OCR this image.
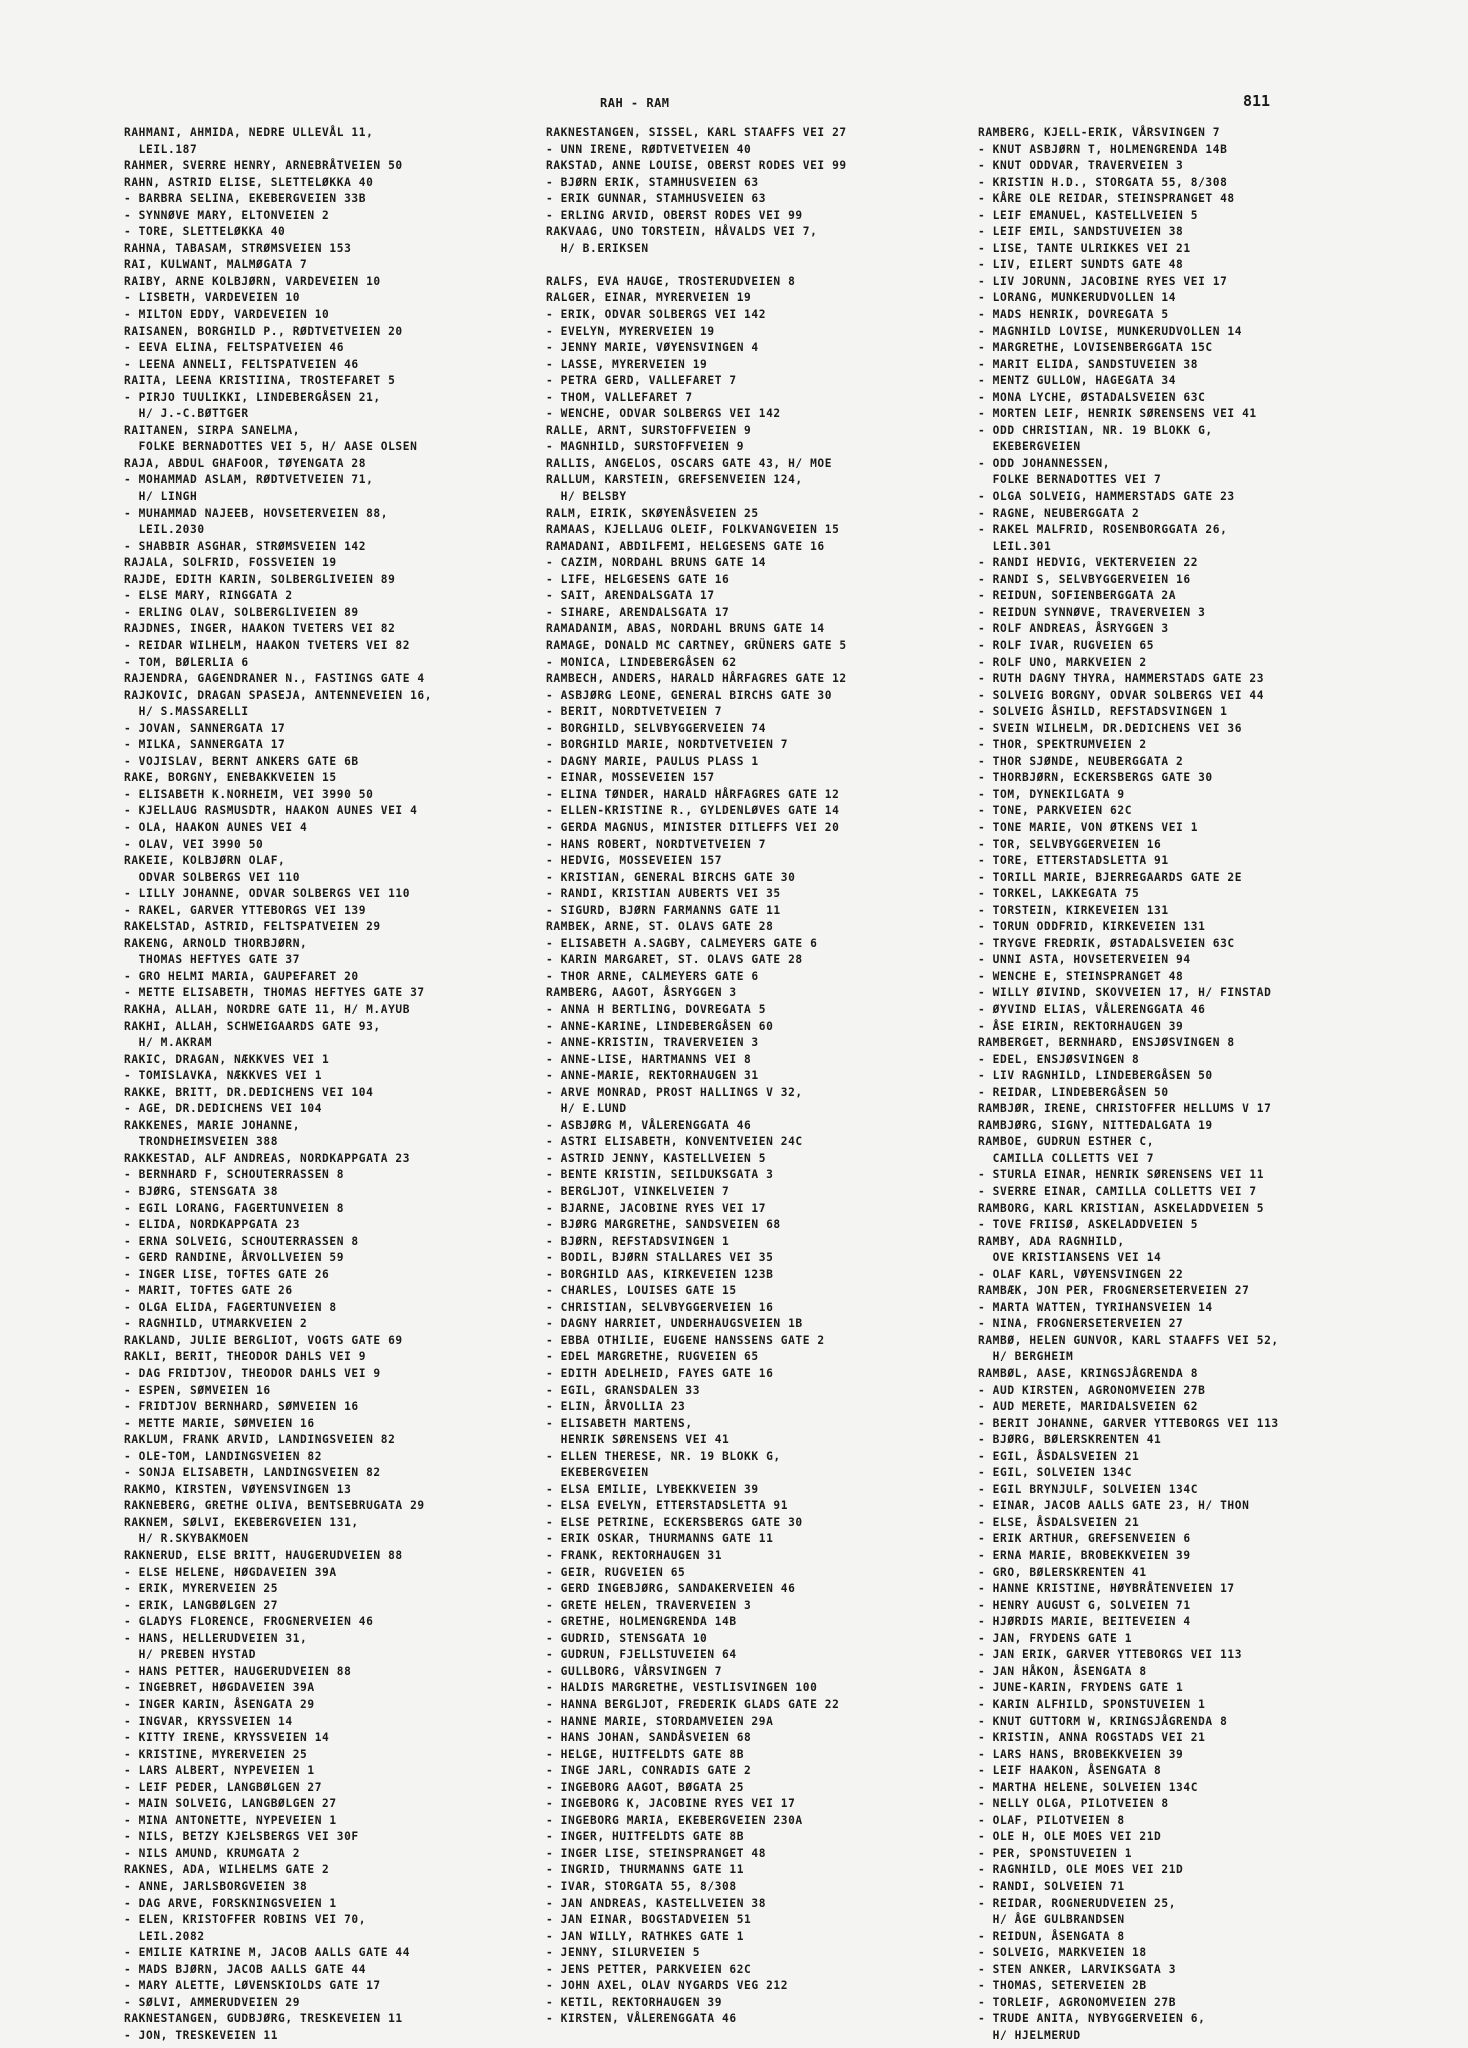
RAH - RAM	811
RAHMANI, AHMIDA, NEDRE ULLEVÅL 11,
LEIL.187
RAHMER, SVERRE HENRY, ARNEBRÅTVEIEN 50
RAHN, ASTRID ELISE, SLETTELØKKA 40
- BARBRA SELINA, EKEBERGVEIEN 33B
- SYNNØVE MARY, ELTONVEIEN 2
- TORE, SLETTELØKKA 40
RAHNA, TABASAM, STRØMSVEIEN 153
RAI, KULWANT, MALMØGATA 7
RAIBY, ARNE KOLBJØRN, VARDEVEIEN 10
- LISBETH, VARDEVEIEN 10
- MILTON EDDY, VARDEVEIEN 10
RAISANEN, BORGHILD P., RØDTVETVEIEN 20
- EEVA ELINA, FELTSPATVEIEN 46
- LEENA ANNELI, FELTSPATVEIEN 46
RAITA, LEENA KRISTIINA, TROSTEFARET 5
- PIRJO TUULIKKI, LINDEBERGÅSEN 21,
H/ J.-C.BØTTGER
RAITANEN, SIRPA SANELMA,
FOLKE BERNADOTTES VEI 5, H/ AASE OLSEN
RAJA, ABDUL GHAFOOR, TØYENGATA 28
- MOHAMMAD ASLAM, RØDTVETVEIEN 71,
H/ LINGH
- MUHAMMAD NAJEEB, HOVSETERVEIEN 88,
LEIL.2030
- SHABBIR ASGHAR, STRØMSVEIEN 142
RAJALA, SOLFRID, FOSSVEIEN 19
RAJDE, EDITH KARIN, SOLBERGLIVEIEN 89
- ELSE MARY, RINGGATA 2
- ERLING OLAV, SOLBERGLIVEIEN 89
RAJDNES, INGER, HAAKON TVETERS VEI 82
- REIDAR WILHELM, HAAKON TVETERS VEI 82
- TOM, BØLERLIA 6
RAJENDRA, GAGENDRANER N., FASTINGS GATE 4
RAJKOVIC, DRAGAN SPASEJA, ANTENNEVEIEN 16,
H/ S.MASSARELLI
- JOVAN, SANNERGATA 17
- MILKA, SANNERGATA 17
- VOJISLAV, BERNT ANKERS GATE 6B
RAKE, BORGNY, ENEBAKKVEIEN 15
- ELISABETH K.NORHEIM, VEI 3990 50
- KJELLAUG RASMUSDTR, HAAKON AUNES VEI 4
- OLA, HAAKON AUNES VEI 4
- OLAV, VEI 3990 50
RAKEIE, KOLBJØRN OLAF,
ODVAR SOLBERGS VEI 110
- LILLY JOHANNE, ODVAR SOLBERGS VEI 110
- RAKEL, GARVER YTTEBORGS VEI 139
RAKELSTAD, ASTRID, FELTSPATVEIEN 29
RAKENG, ARNOLD THORBJØRN,
THOMAS HEFTYES GATE 37
- GRO HELMI MARIA, GAUPEFARET 20
- METTE ELISABETH, THOMAS HEFTYES GATE 37
RAKHA, ALLAH, NORDRE GATE 11, H/ M.AYUB
RAKHI, ALLAH, SCHWEIGAARDS GATE 93,
H/ M.AKRAM
RAKIC, DRAGAN, NÆKKVES VEI 1
- TOMISLAVKA, NÆKKVES VEI 1
RAKKE, BRITT, DR.DEDICHENS VEI 104
- AGE, DR.DEDICHENS VEI 104
RAKKENES, MARIE JOHANNE,
TRONDHEIMSVEIEN 388
RAKKESTAD, ALF ANDREAS, NORDKAPPGATA 23
- BERNHARD F, SCHOUTERRASSEN 8
- BJØRG, STENSGATA 38
- EGIL LORANG, FAGERTUNVEIEN 8
- ELIDA, NORDKAPPGATA 23
- ERNA SOLVEIG, SCHOUTERRASSEN 8
- GERD RANDINE, ÅRVOLLVEIEN 59
- INGER LISE, TOFTES GATE 26
- MARIT, TOFTES GATE 26
- OLGA ELIDA, FAGERTUNVEIEN 8
- RAGNHILD, UTMARKVEIEN 2
RAKLAND, JULIE BERGLIOT, VOGTS GATE 69
RAKLI, BERIT, THEODOR DAHLS VEI 9
- DAG FRIDTJOV, THEODOR DAHLS VEI 9
- ESPEN, SØMVEIEN 16
- FRIDTJOV BERNHARD, SØMVEIEN 16
- METTE MARIE, SØMVEIEN 16
RAKLUM, FRANK ARVID, LANDINGSVEIEN 82
- OLE-TOM, LANDINGSVEIEN 82
- SONJA ELISABETH, LANDINGSVEIEN 82
RAKMO, KIRSTEN, VØYENSVINGEN 13
RAKNEBERG, GRETHE OLIVA, BENTSEBRUGATA 29
RAKNEM, SØLVI, EKEBERGVEIEN 131,
H/ R.SKYBAKMOEN
RAKNERUD, ELSE BRITT, HAUGERUDVEIEN 88
- ELSE HELENE, HØGDAVEIEN 39A
- ERIK, MYRERVEIEN 25
- ERIK, LANGBØLGEN 27
- GLADYS FLORENCE, FROGNERVEIEN 46
- HANS, HELLERUDVEIEN 31,
H/ PREBEN HYSTAD
- HANS PETTER, HAUGERUDVEIEN 88
- INGEBRET, HØGDAVEIEN 39A
- INGER KARIN, ÅSENGATA 29
- INGVAR, KRYSSVEIEN 14
- KITTY IRENE, KRYSSVEIEN 14
- KRISTINE, MYRERVEIEN 25
- LARS ALBERT, NYPEVEIEN 1
- LEIF PEDER, LANGBØLGEN 27
- MAIN SOLVEIG, LANGBØLGEN 27
- MINA ANTONETTE, NYPEVEIEN 1
- NILS, BETZY KJELSBERGS VEI 30F
- NILS AMUND, KRUMGATA 2
RAKNES, ADA, WILHELMS GATE 2
- ANNE, JARLSBORGVEIEN 38
- DAG ARVE, FORSKNINGSVEIEN 1
- ELEN, KRISTOFFER ROBINS VEI 70,
LEIL.2082
- EMILIE KATRINE M, JACOB AALLS GATE 44
- MADS BJØRN, JACOB AALLS GATE 44
- MARY ALETTE, LØVENSKIOLDS GATE 17
- SØLVI, AMMERUDVEIEN 29
RAKNESTANGEN, GUDBJØRG, TRESKEVEIEN 11
- JON, TRESKEVEIEN 11
RAKNESTANGEN, SISSEL, KARL STAAFFS VEI 27
- UNN IRENE, RØDTVETVEIEN 40
RAKSTAD, ANNE LOUISE, OBERST RODES VEI 99
- BJØRN ERIK, STAMHUSVEIEN 63
- ERIK GUNNAR, STAMHUSVEIEN 63
- ERLING ARVID, OBERST RODES VEI 99
RAKVAAG, UNO TORSTEIN, HÅVALDS VEI 7,
H/ B.ERIKSEN
RALFS, EVA HAUGE, TROSTERUDVEIEN 8
RALGER, EINAR, MYRERVEIEN 19
- ERIK, ODVAR SOLBERGS VEI 142
- EVELYN, MYRERVEIEN 19
- JENNY MARIE, VØYENSVINGEN 4
- LASSE, MYRERVEIEN 19
- PETRA GERD, VALLEFARET 7
- THOM, VALLEFARET 7
- WENCHE, ODVAR SOLBERGS VEI 142
RALLE, ARNT, SURSTOFFVEIEN 9
- MAGNHILD, SURSTOFFVEIEN 9
RALLIS, ANGELOS, OSCARS GATE 43, H/ MOE
RALLUM, KARSTEIN, GREFSENVEIEN 124,
H/ BELSBY
RALM, EIRIK, SKØYENÅSVEIEN 25
RAMAAS, KJELLAUG OLEIF, FOLKVANGVEIEN 15
RAMADANI, ABDILFEMI, HELGESENS GATE 16
- CAZIM, NORDAHL BRUNS GATE 14
- LIFE, HELGESENS GATE 16
- SAIT, ARENDALSGATA 17
- SIHARE, ARENDALSGATA 17
RAMADANIM, ABAS, NORDAHL BRUNS GATE 14
RAMAGE, DONALD MC CARTNEY, GRÜNERS GATE 5
- MONICA, LINDEBERGÅSEN 62
RAMBECH, ANDERS, HARALD HÅRFAGRES GATE 12
- ASBJØRG LEONE, GENERAL BIRCHS GATE 30
- BERIT, NORDTVETVEIEN 7
- BORGHILD, SELVBYGGERVEIEN 74
- BORGHILD MARIE, NORDTVETVEIEN 7
- DAGNY MARIE, PAULUS PLASS 1
- EINAR, MOSSEVEIEN 157
- ELINA TØNDER, HARALD HÅRFAGRES GATE 12
- ELLEN-KRISTINE R., GYLDENLØVES GATE 14
- GERDA MAGNUS, MINISTER DITLEFFS VEI 20
- HANS ROBERT, NORDTVETVEIEN 7
- HEDVIG, MOSSEVEIEN 157
- KRISTIAN, GENERAL BIRCHS GATE 30
- RANDI, KRISTIAN AUBERTS VEI 35
- SIGURD, BJØRN FARMANNS GATE 11
RAMBEK, ARNE, ST. OLAVS GATE 28
- ELISABETH A.SAGBY, CALMEYERS GATE 6
- KARIN MARGARET, ST. OLAVS GATE 28
- THOR ARNE, CALMEYERS GATE 6
RAMBERG, AAGOT, ÅSRYGGEN 3
- ANNA H BERTLING, DOVREGATA 5
- ANNE-KARINE, LINDEBERGÅSEN 60
- ANNE-KRISTIN, TRAVERVEIEN 3
- ANNE-LISE, HARTMANNS VEI 8
- ANNE-MARIE, REKTORHAUGEN 31
- ARVE MONRAD, PROST HALLINGS V 32,
H/ E.LUND
- ASBJØRG M, VÅLERENGGATA 46
- ASTRI ELISABETH, KONVENTVEIEN 24C
- ASTRID JENNY, KASTELLVEIEN 5
- BENTE KRISTIN, SEILDUKSGATA 3
- BERGLJOT, VINKELVEIEN 7
- BJARNE, JACOBINE RYES VEI 17
- BJØRG MARGRETHE, SANDSVEIEN 68
- BJØRN, REFSTADSVINGEN 1
- BODIL, BJØRN STALLARES VEI 35
- BORGHILD AAS, KIRKEVEIEN 123B
- CHARLES, LOUISES GATE 15
- CHRISTIAN, SELVBYGGERVEIEN 16
- DAGNY HARRIET, UNDERHAUGSVEIEN 1B
- EBBA OTHILIE, EUGENE HANSSENS GATE 2
- EDEL MARGRETHE, RUGVEIEN 65
- EDITH ADELHEID, FAYES GATE 16
- EGIL, GRANSDALEN 33
- ELIN, ÅRVOLLIA 23
- ELISABETH MARTENS,
HENRIK SØRENSENS VEI 41
- ELLEN THERESE, NR. 19 BLOKK G,
EKEBERGVEIEN
- ELSA EMILIE, LYBEKKVEIEN 39
- ELSA EVELYN, ETTERSTADSLETTA 91
- ELSE PETRINE, ECKERSBERGS GATE 30
- ERIK OSKAR, THURMANNS GATE 11
- FRANK, REKTORHAUGEN 31
- GEIR, RUGVEIEN 65
- GERD INGEBJØRG, SANDAKERVEIEN 46
- GRETE HELEN, TRAVERVEIEN 3
- GRETHE, HOLMENGRENDA 14B
- GUDRID, STENSGATA 10
- GUDRUN, FJELLSTUVEIEN 64
- GULLBORG, VÅRSVINGEN 7
- HALDIS MARGRETHE, VESTLISVINGEN 100
- HANNA BERGLJOT, FREDERIK GLADS GATE 22
- HANNE MARIE, STORDAMVEIEN 29A
- HANS JOHAN, SANDÅSVEIEN 68
- HELGE, HUITFELDTS GATE 8B
- INGE JARL, CONRADIS GATE 2
- INGEBORG AAGOT, BØGATA 25
- INGEBORG K, JACOBINE RYES VEI 17
- INGEBORG MARIA, EKEBERGVEIEN 230A
- INGER, HUITFELDTS GATE 8B
- INGER LISE, STEINSPRANGET 48
- INGRID, THURMANNS GATE 11
- IVAR, STORGATA 55, 8/308
- JAN ANDREAS, KASTELLVEIEN 38
- JAN EINAR, BOGSTADVEIEN 51
- JAN WILLY, RATHKES GATE 1
- JENNY, SILURVEIEN 5
- JENS PETTER, PARKVEIEN 62C
- JOHN AXEL, OLAV NYGARDS VEG 212
- KETIL, REKTORHAUGEN 39
- KIRSTEN, VÅLERENGGATA 46
RAMBERG, KJELL-ERIK, VÅRSVINGEN 7
- KNUT ASBJØRN T, HOLMENGRENDA 14B
- KNUT ODDVAR, TRAVERVEIEN 3
- KRISTIN H.D., STORGATA 55, 8/308
- KÅRE OLE REIDAR, STEINSPRANGET 48
- LEIF EMANUEL, KASTELLVEIEN 5
- LEIF EMIL, SANDSTUVEIEN 38
- LISE, TANTE ULRIKKES VEI 21
- LIV, EILERT SUNDTS GATE 48
- LIV JORUNN, JACOBINE RYES VEI 17
- LORANG, MUNKERUDVOLLEN 14
- MADS HENRIK, DOVREGATA 5
- MAGNHILD LOVISE, MUNKERUDVOLLEN 14
- MARGRETHE, LOVISENBERGGATA 15C
- MARIT ELIDA, SANDSTUVEIEN 38
- MENTZ GULLOW, HAGEGATA 34
- MONA LYCHE, ØSTADALSVEIEN 63C
- MORTEN LEIF, HENRIK SØRENSENS VEI 41
- ODD CHRISTIAN, NR. 19 BLOKK G,
EKEBERGVEIEN
- ODD JOHANNESSEN,
FOLKE BERNADOTTES VEI 7
- OLGA SOLVEIG, HAMMERSTADS GATE 23
- RAGNE, NEUBERGGATA 2
- RAKEL MALFRID, ROSENBORGGATA 26,
LEIL.301
- RANDI HEDVIG, VEKTERVEIEN 22
- RANDI S, SELVBYGGERVEIEN 16
- REIDUN, SOFIENBERGGATA 2A
- REIDUN SYNNØVE, TRAVERVEIEN 3
- ROLF ANDREAS, ÅSRYGGEN 3
- ROLF IVAR, RUGVEIEN 65
- ROLF UNO, MARKVEIEN 2
- RUTH DAGNY THYRA, HAMMERSTADS GATE 23
- SOLVEIG BORGNY, ODVAR SOLBERGS VEI 44
- SOLVEIG ÅSHILD, REFSTADSVINGEN 1
- SVEIN WILHELM, DR.DEDICHENS VEI 36
- THOR, SPEKTRUMVEIEN 2
- THOR SJØNDE, NEUBERGGATA 2
- THORBJØRN, ECKERSBERGS GATE 30
- TOM, DYNEKILGATA 9
- TONE, PARKVEIEN 62C
- TONE MARIE, VON ØTKENS VEI 1
- TOR, SELVBYGGERVEIEN 16
- TORE, ETTERSTADSLETTA 91
- TORILL MARIE, BJERREGAARDS GATE 2E
- TORKEL, LAKKEGATA 75
- TORSTEIN, KIRKEVEIEN 131
- TORUN ODDFRID, KIRKEVEIEN 131
- TRYGVE FREDRIK, ØSTADALSVEIEN 63C
- UNNI ASTA, HOVSETERVEIEN 94
- WENCHE E, STEINSPRANGET 48
- WILLY ØIVIND, SKOVVEIEN 17, H/ FINSTAD
- ØYVIND ELIAS, VÅLERENGGATA 46
- ÅSE EIRIN, REKTORHAUGEN 39
RAMBERGET, BERNHARD, ENSJØSVINGEN 8
- EDEL, ENSJØSVINGEN 8
- LIV RAGNHILD, LINDEBERGÅSEN 50
- REIDAR, LINDEBERGÅSEN 50
RAMBJØR, IRENE, CHRISTOFFER HELLUMS V 17
RAMBJØRG, SIGNY, NITTEDALGATA 19
RAMBOE, GUDRUN ESTHER C,
CAMILLA COLLETTS VEI 7
- STURLA EINAR, HENRIK SØRENSENS VEI 11
- SVERRE EINAR, CAMILLA COLLETTS VEI 7
RAMBORG, KARL KRISTIAN, ASKELADDVEIEN 5
- TOVE FRIISØ, ASKELADDVEIEN 5
RAMBY, ADA RAGNHILD,
OVE KRISTIANSENS VEI 14
- OLAF KARL, VØYENSVINGEN 22
RAMBÆK, JON PER, FROGNERSETERVEIEN 27
- MARTA WATTEN, TYRIHANSVEIEN 14
- NINA, FROGNERSETERVEIEN 27
RAMBØ, HELEN GUNVOR, KARL STAAFFS VEI 52,
H/ BERGHEIM
RAMBØL, AASE, KRINGSJÅGRENDA 8
- AUD KIRSTEN, AGRONOMVEIEN 27B
- AUD MERETE, MARIDALSVEIEN 62
- BERIT JOHANNE, GARVER YTTEBORGS VEI 113
- BJØRG, BØLERSKRENTEN 41
- EGIL, ÅSDALSVEIEN 21
- EGIL, SOLVEIEN 134C
- EGIL BRYNJULF, SOLVEIEN 134C
- EINAR, JACOB AALLS GATE 23, H/ THON
- ELSE, ÅSDALSVEIEN 21
- ERIK ARTHUR, GREFSENVEIEN 6
- ERNA MARIE, BROBEKKVEIEN 39
- GRO, BØLERSKRENTEN 41
- HANNE KRISTINE, HØYBRÅTENVEIEN 17
- HENRY AUGUST G, SOLVEIEN 71
- HJØRDIS MARIE, BEITEVEIEN 4
- JAN, FRYDENS GATE 1
- JAN ERIK, GARVER YTTEBORGS VEI 113
- JAN HÅKON, ÅSENGATA 8
- JUNE-KARIN, FRYDENS GATE 1
- KARIN ALFHILD, SPONSTUVEIEN 1
- KNUT GUTTORM W, KRINGSJÅGRENDA 8
- KRISTIN, ANNA ROGSTADS VEI 21
- LARS HANS, BROBEKKVEIEN 39
- LEIF HAAKON, ÅSENGATA 8
- MARTHA HELENE, SOLVEIEN 134C
- NELLY OLGA, PILOTVEIEN 8
- OLAF, PILOTVEIEN 8
- OLE H, OLE MOES VEI 21D
- PER, SPONSTUVEIEN 1
- RAGNHILD, OLE MOES VEI 21D
- RANDI, SOLVEIEN 71
- REIDAR, ROGNERUDVEIEN 25,
H/ ÅGE GULBRANDSEN
- REIDUN, ÅSENGATA 8
- SOLVEIG, MARKVEIEN 18
- STEN ANKER, LARVIKSGATA 3
- THOMAS, SETERVEIEN 2B
- TORLEIF, AGRONOMVEIEN 27B
- TRUDE ANITA, NYBYGGERVEIEN 6,
H/ HJELMERUD
